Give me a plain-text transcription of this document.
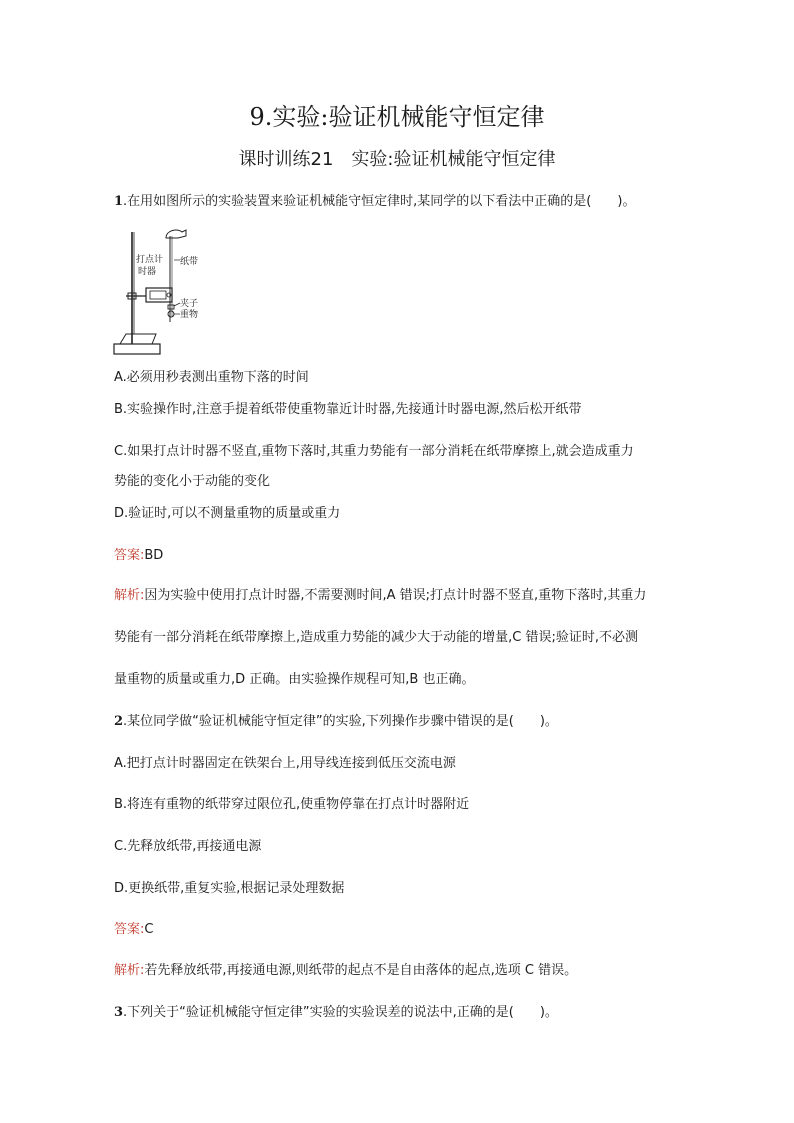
9.实验:验证机械能守恒定律
课时训练21　实验:验证机械能守恒定律
1.在用如图所示的实验装置来验证机械能守恒定律时,某同学的以下看法中正确的是(　　)。
打点计
时器
纸带
夹子
重物
A.必须用秒表测出重物下落的时间
B.实验操作时,注意手提着纸带使重物靠近计时器,先接通计时器电源,然后松开纸带
C.如果打点计时器不竖直,重物下落时,其重力势能有一部分消耗在纸带摩擦上,就会造成重力
势能的变化小于动能的变化
D.验证时,可以不测量重物的质量或重力
答案:BD
解析:因为实验中使用打点计时器,不需要测时间,A 错误;打点计时器不竖直,重物下落时,其重力
势能有一部分消耗在纸带摩擦上,造成重力势能的减少大于动能的增量,C 错误;验证时,不必测
量重物的质量或重力,D 正确。由实验操作规程可知,B 也正确。
2.某位同学做“验证机械能守恒定律”的实验,下列操作步骤中错误的是(　　)。
A.把打点计时器固定在铁架台上,用导线连接到低压交流电源
B.将连有重物的纸带穿过限位孔,使重物停靠在打点计时器附近
C.先释放纸带,再接通电源
D.更换纸带,重复实验,根据记录处理数据
答案:C
解析:若先释放纸带,再接通电源,则纸带的起点不是自由落体的起点,选项 C 错误。
3.下列关于“验证机械能守恒定律”实验的实验误差的说法中,正确的是(　　)。
